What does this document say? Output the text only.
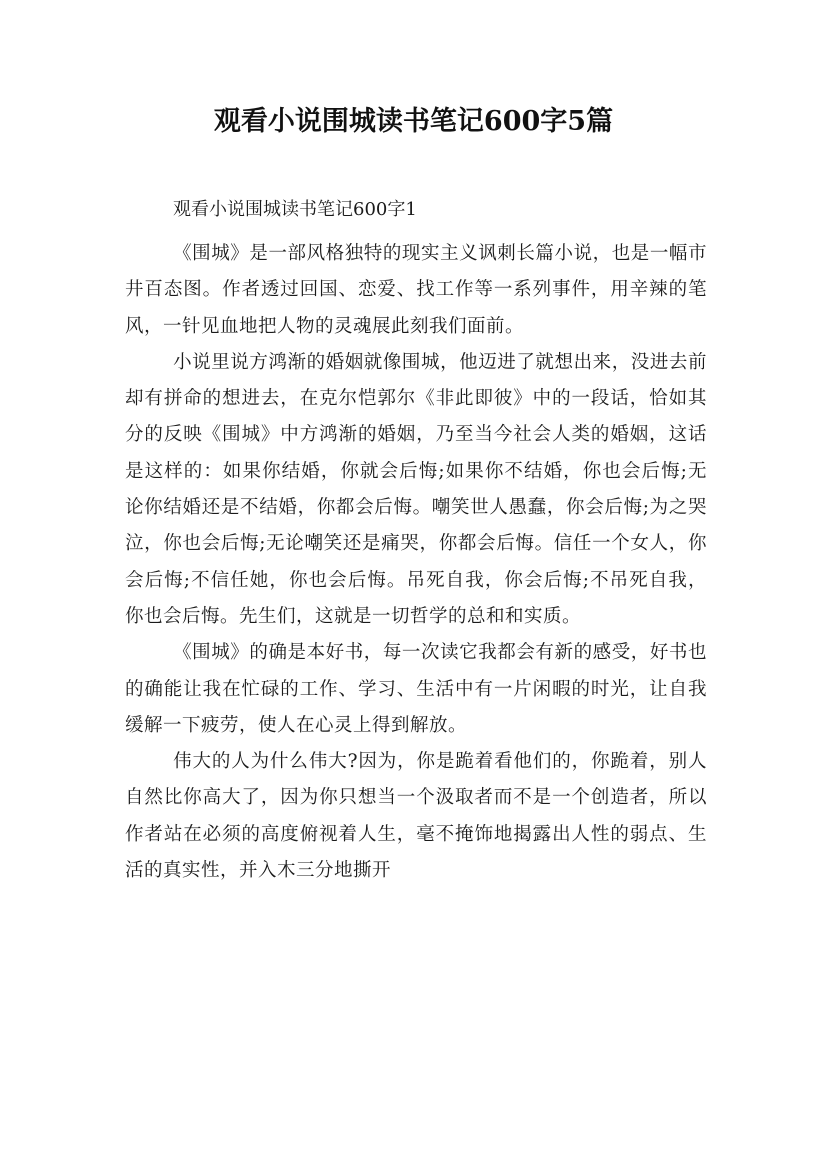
观看小说围城读书笔记600字5篇
观看小说围城读书笔记600字1

《围城》是一部风格独特的现实主义讽刺长篇小说，也是一幅市井百态图。作者透过回国、恋爱、找工作等一系列事件，用辛辣的笔风，一针见血地把人物的灵魂展此刻我们面前。

小说里说方鸿渐的婚姻就像围城，他迈进了就想出来，没进去前却有拼命的想进去，在克尔恺郭尔《非此即彼》中的一段话，恰如其分的反映《围城》中方鸿渐的婚姻，乃至当今社会人类的婚姻，这话是这样的：如果你结婚，你就会后悔;如果你不结婚，你也会后悔;无论你结婚还是不结婚，你都会后悔。嘲笑世人愚蠢，你会后悔;为之哭泣，你也会后悔;无论嘲笑还是痛哭，你都会后悔。信任一个女人，你会后悔;不信任她，你也会后悔。吊死自我，你会后悔;不吊死自我，你也会后悔。先生们，这就是一切哲学的总和和实质。

《围城》的确是本好书，每一次读它我都会有新的感受，好书也的确能让我在忙碌的工作、学习、生活中有一片闲暇的时光，让自我缓解一下疲劳，使人在心灵上得到解放。

伟大的人为什么伟大?因为，你是跪着看他们的，你跪着，别人自然比你高大了，因为你只想当一个汲取者而不是一个创造者，所以作者站在必须的高度俯视着人生，毫不掩饰地揭露出人性的弱点、生活的真实性，并入木三分地撕开
